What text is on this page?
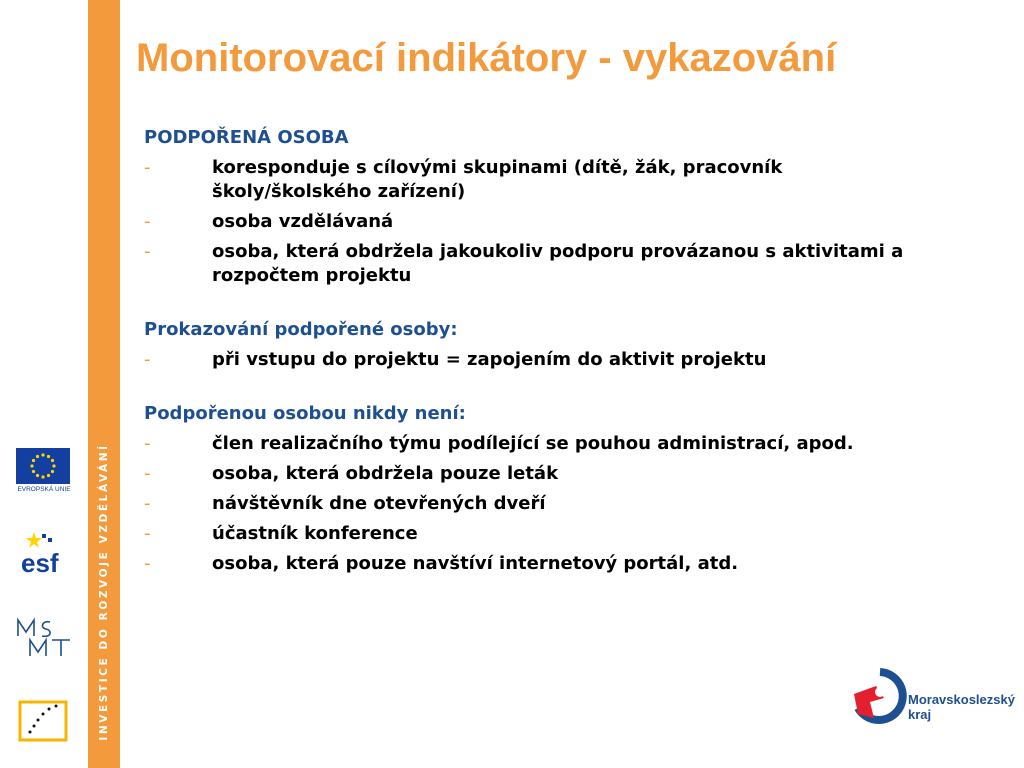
INVESTICE DO ROZVOJE VZDĚLÁVÁNÍ
Monitorovací indikátory - vykazování
PODPOŘENÁ OSOBA
-	koresponduje s cílovými skupinami (dítě, žák, pracovník školy/školského zařízení)
-	osoba vzdělávaná
-	osoba, která obdržela jakoukoliv podporu provázanou s aktivitami a rozpočtem projektu
Prokazování podpořené osoby:
-	při vstupu do projektu = zapojením do aktivit projektu
Podpořenou osobou nikdy není:
-	člen realizačního týmu podílející se pouhou administrací, apod.
-	osoba, která obdržela pouze leták
-	návštěvník dne otevřených dveří
-	účastník konference
-	osoba, která pouze navštíví internetový portál, atd.
EVROPSKÁ UNIE
esf
Moravskoslezský
kraj
